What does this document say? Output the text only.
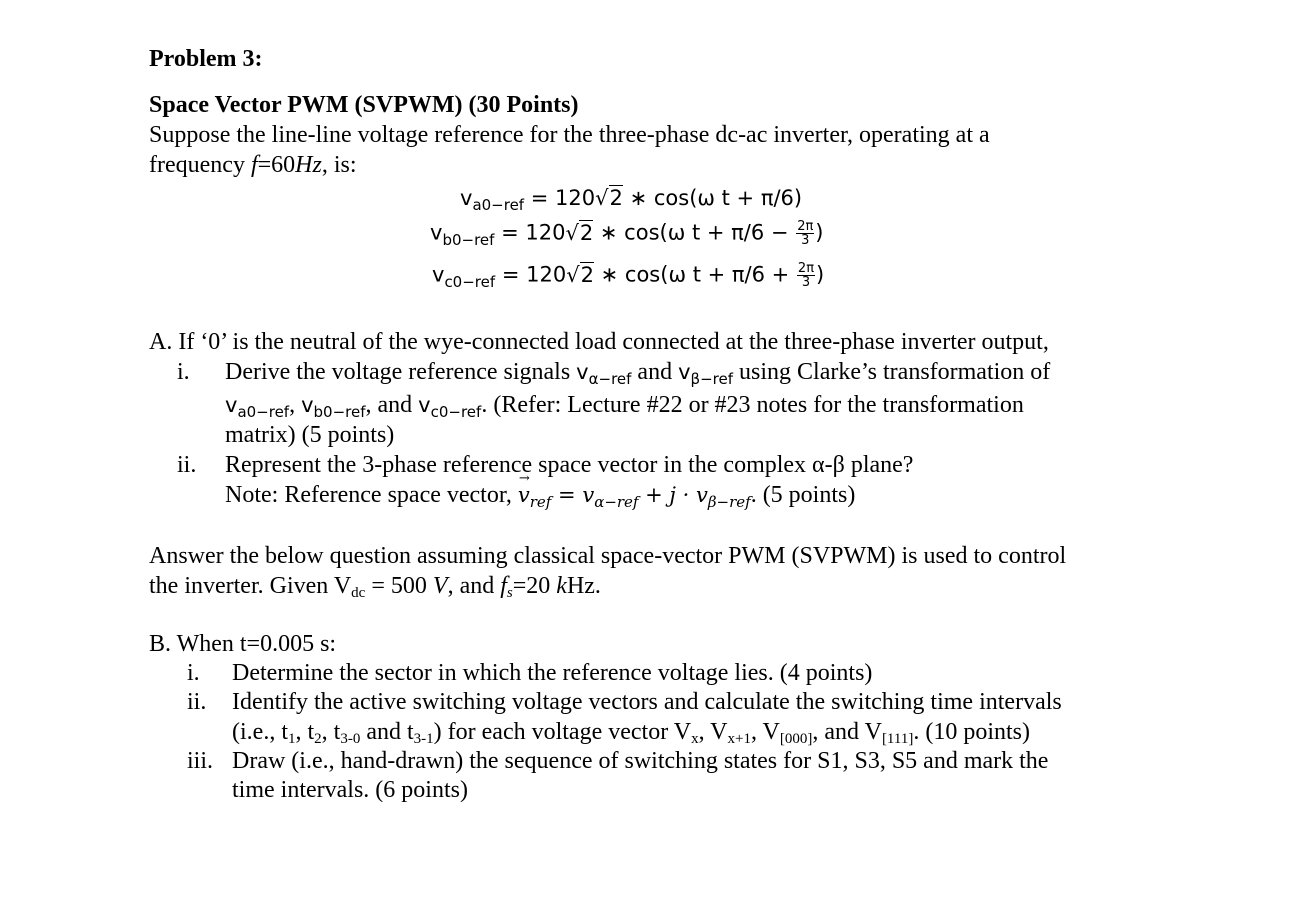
Problem 3:
Space Vector PWM (SVPWM) (30 Points)
Suppose the line-line voltage reference for the three-phase dc-ac inverter, operating at a
frequency f=60Hz, is:
$v_{a0-ref} = 120√2$ ∗ cos(ω t + π/6)
$v_{b0-ref} = 120√2$ ∗ cos(ω $t + \pi/6 - \frac{2\pi}{3}$ )
$v_{c0-ref} = 120√2$ ∗ cos(ω $t + \pi/6 + \frac{2\pi}{3}$ )
A. If ‘0’ is the neutral of the wye-connected load connected at the three-phase inverter output,
i. Derive the voltage reference signals $v_{\alpha-ref}$ and $v_{\beta-ref}$ using Clarke’s transformation of
$v_{a0-ref}$, $v_{b0-ref}$, and $v_{c0-ref}$. (Refer: Lecture #22 or #23 notes for the transformation
matrix) (5 points)
ii. Represent the 3-phase reference space vector in the complex α-β plane?
Note: Reference space vector, → $v_{ref} = v_{\alpha-ref} + j \cdot v_{\beta-ref}$. (5 points)
Answer the below question assuming classical space-vector PWM (SVPWM) is used to control
the inverter. Given Vdc = 500 V, and fs=20 kHz.
B. When t=0.005 s:
i. Determine the sector in which the reference voltage lies. (4 points)
ii. Identify the active switching voltage vectors and calculate the switching time intervals
(i.e., t1, t2, t3-0 and t3-1) for each voltage vector Vx, Vx+1, V[000], and V[111]. (10 points)
iii. Draw (i.e., hand-drawn) the sequence of switching states for S1, S3, S5 and mark the
time intervals. (6 points)
